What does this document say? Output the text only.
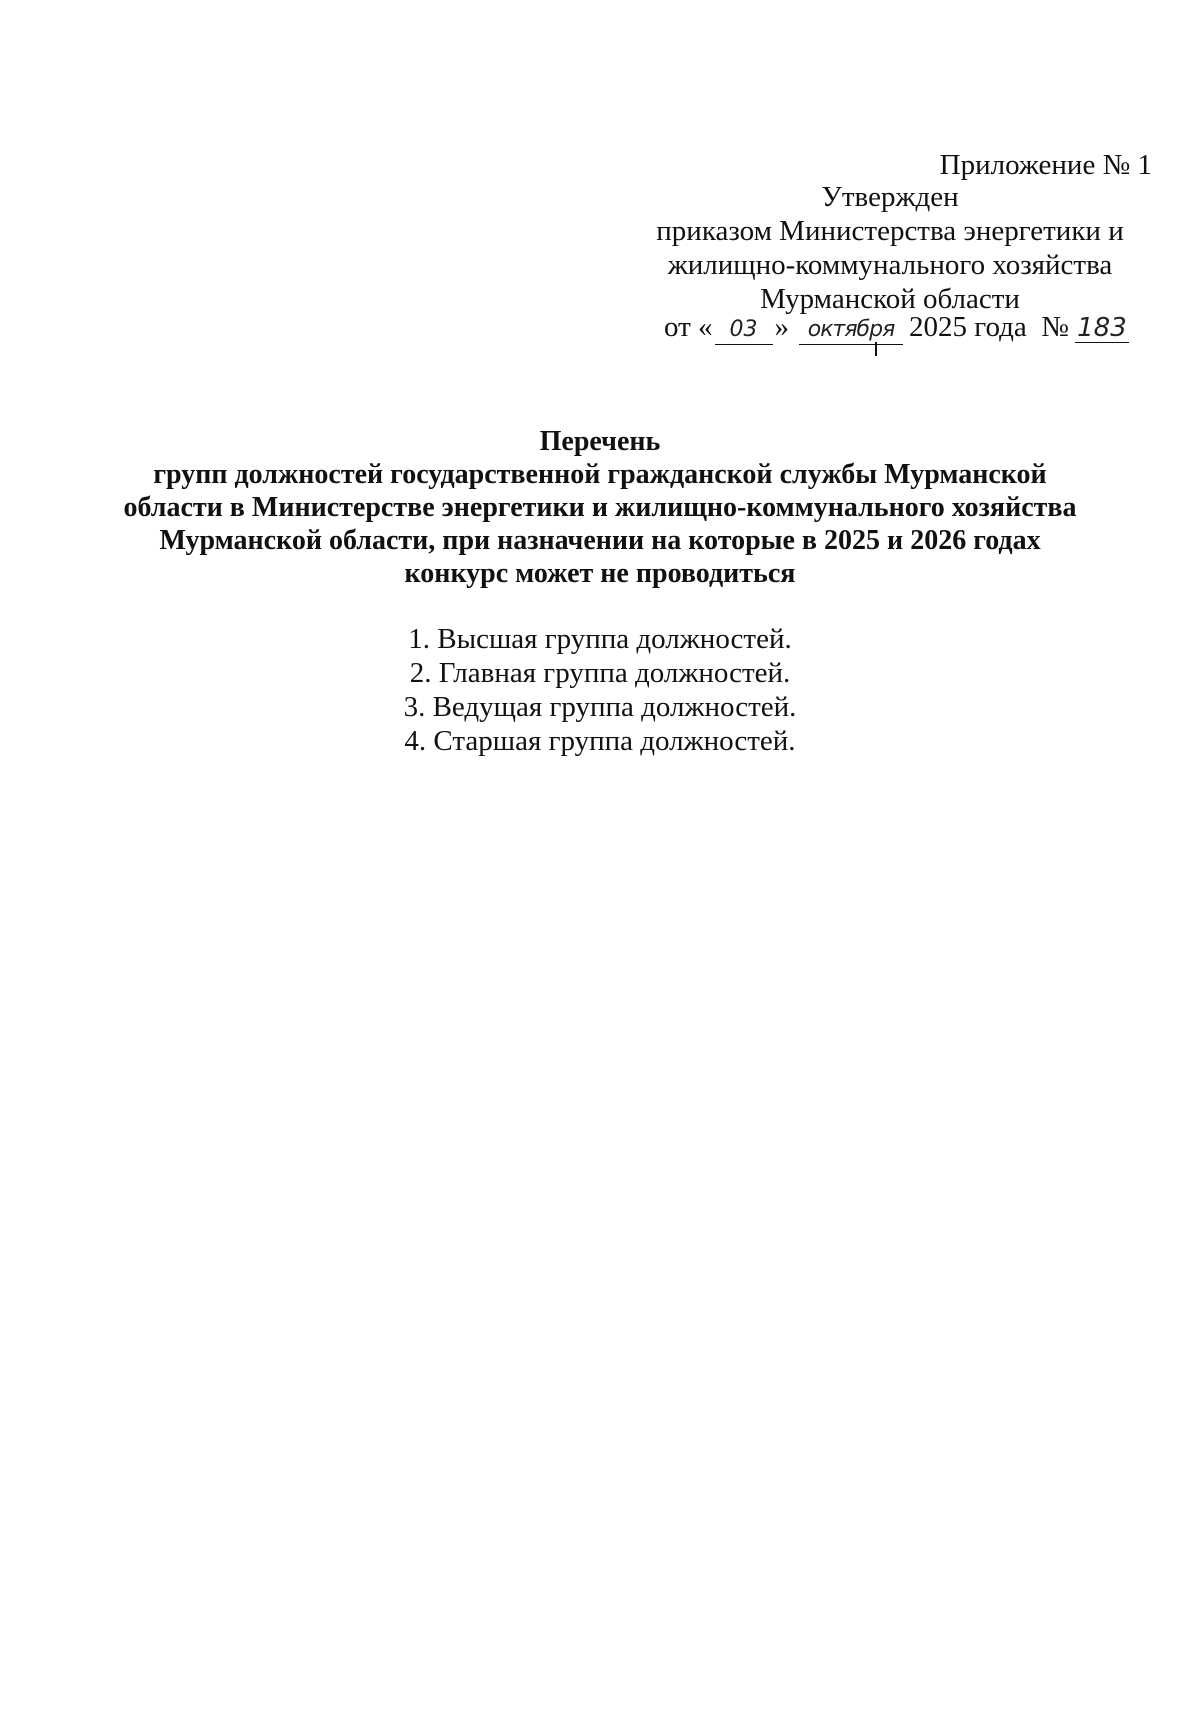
Приложение № 1
Утвержден
приказом Министерства энергетики и
жилищно-коммунального хозяйства
Мурманской области
от « 03 » октября 2025 года № 183
Перечень
групп должностей государственной гражданской службы Мурманской
области в Министерстве энергетики и жилищно-коммунального хозяйства
Мурманской области, при назначении на которые в 2025 и 2026 годах
конкурс может не проводиться
1. Высшая группа должностей.
2. Главная группа должностей.
3. Ведущая группа должностей.
4. Старшая группа должностей.
